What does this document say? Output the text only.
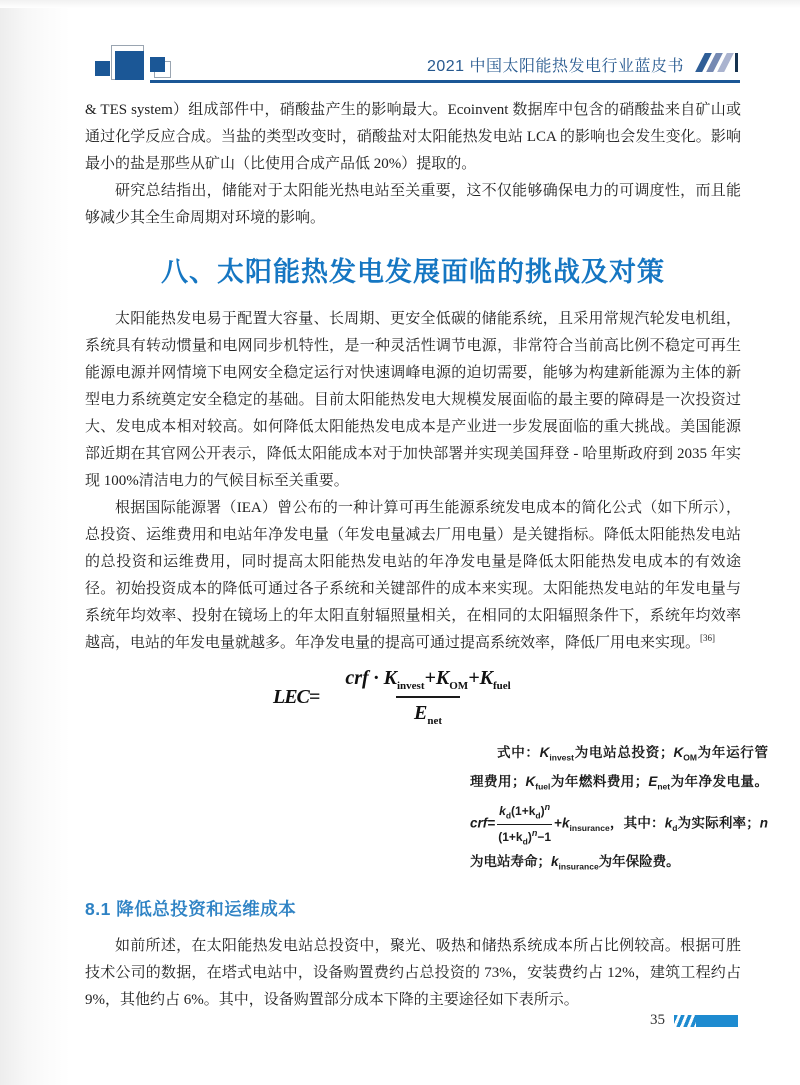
2021 中国太阳能热发电行业蓝皮书

& TES system）组成部件中，硝酸盐产生的影响最大。Ecoinvent 数据库中包含的硝酸盐来自矿山或通过化学反应合成。当盐的类型改变时，硝酸盐对太阳能热发电站 LCA 的影响也会发生变化。影响最小的盐是那些从矿山（比使用合成产品低 20%）提取的。

研究总结指出，储能对于太阳能光热电站至关重要，这不仅能够确保电力的可调度性，而且能够减少其全生命周期对环境的影响。

八、太阳能热发电发展面临的挑战及对策

太阳能热发电易于配置大容量、长周期、更安全低碳的储能系统，且采用常规汽轮发电机组，系统具有转动惯量和电网同步机特性，是一种灵活性调节电源，非常符合当前高比例不稳定可再生能源电源并网情境下电网安全稳定运行对快速调峰电源的迫切需要，能够为构建新能源为主体的新型电力系统奠定安全稳定的基础。目前太阳能热发电大规模发展面临的最主要的障碍是一次投资过大、发电成本相对较高。如何降低太阳能热发电成本是产业进一步发展面临的重大挑战。美国能源部近期在其官网公开表示，降低太阳能成本对于加快部署并实现美国拜登 - 哈里斯政府到 2035 年实现 100%清洁电力的气候目标至关重要。

根据国际能源署（IEA）曾公布的一种计算可再生能源系统发电成本的简化公式（如下所示），总投资、运维费用和电站年净发电量（年发电量减去厂用电量）是关键指标。降低太阳能热发电站的总投资和运维费用，同时提高太阳能热发电站的年净发电量是降低太阳能热发电成本的有效途径。初始投资成本的降低可通过各子系统和关键部件的成本来实现。太阳能热发电站的年发电量与系统年均效率、投射在镜场上的年太阳直射辐照量相关，在相同的太阳辐照条件下，系统年均效率越高，电站的年发电量就越多。年净发电量的提高可通过提高系统效率，降低厂用电来实现。[36]

$LEC= \frac{crf \cdot K_{invest}+K_{OM}+K_{fuel}}{E_{net}}$
式中：$K_{invest}$为电站总投资；$K_{OM}$为年运行管理费用；$K_{fuel}$为年燃料费用；$E_{net}$为年净发电量。$crf= \frac{k_d(1+k_d)^n}{(1+k_d)^n-1} +k_{insurance}$，其中：$k_d$为实际利率；n为电站寿命；$k_{insurance}$为年保险费。
8.1 降低总投资和运维成本

如前所述，在太阳能热发电站总投资中，聚光、吸热和储热系统成本所占比例较高。根据可胜技术公司的数据，在塔式电站中，设备购置费约占总投资的 73%，安装费约占 12%，建筑工程约占 9%，其他约占 6%。其中，设备购置部分成本下降的主要途径如下表所示。

35
